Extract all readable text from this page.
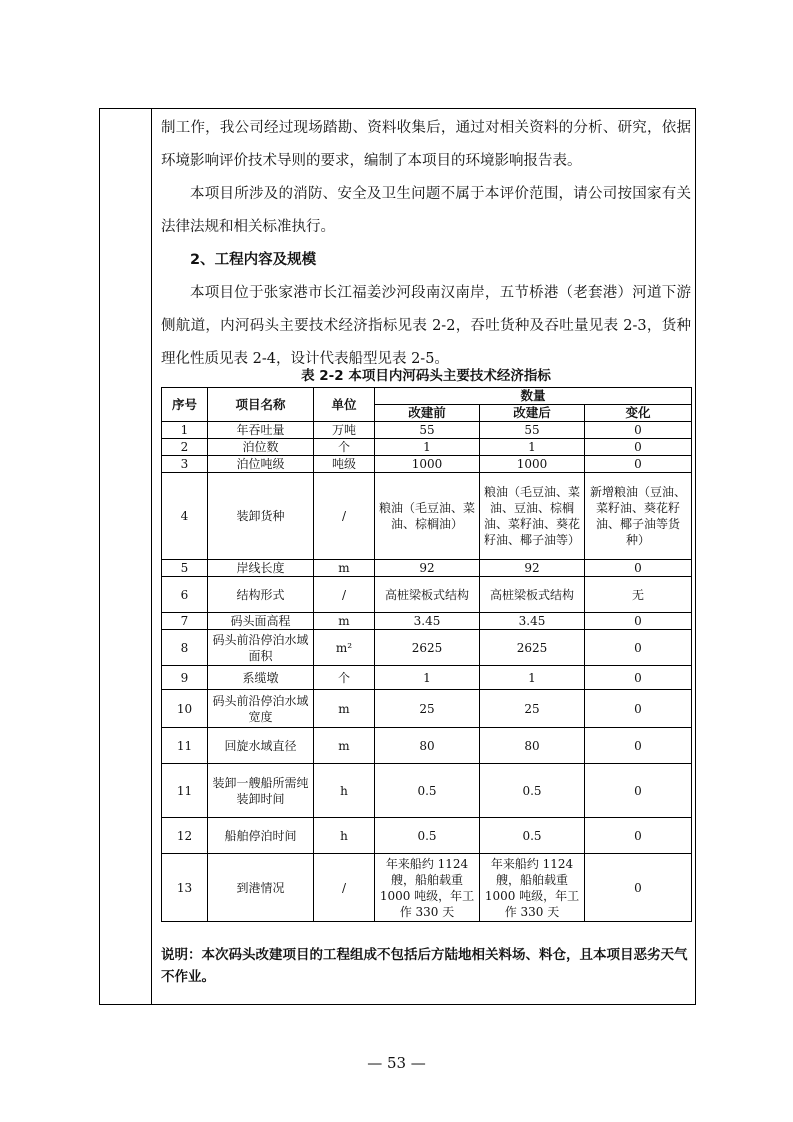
制工作，我公司经过现场踏勘、资料收集后，通过对相关资料的分析、研究，依据环境影响评价技术导则的要求，编制了本项目的环境影响报告表。

本项目所涉及的消防、安全及卫生问题不属于本评价范围，请公司按国家有关法律法规和相关标准执行。

2、工程内容及规模

本项目位于张家港市长江福姜沙河段南汉南岸，五节桥港（老套港）河道下游侧航道，内河码头主要技术经济指标见表 2-2，吞吐货种及吞吐量见表 2-3，货种理化性质见表 2-4，设计代表船型见表 2-5。

表 2-2 本项目内河码头主要技术经济指标
序号	项目名称	单位	数量		
			改建前	改建后	变化
1	年吞吐量	万吨	55	55	0
2	泊位数	个	1	1	0
3	泊位吨级	吨级	1000	1000	0
4	装卸货种	/	粮油（毛豆油、菜油、棕榈油）	粮油（毛豆油、菜油、豆油、棕榈油、菜籽油、葵花籽油、椰子油等）	新增粮油（豆油、菜籽油、葵花籽油、椰子油等货种）
5	岸线长度	m	92	92	0
6	结构形式	/	高桩梁板式结构	高桩梁板式结构	无
7	码头面高程	m	3.45	3.45	0
8	码头前沿停泊水域面积	m²	2625	2625	0
9	系缆墩	个	1	1	0
10	码头前沿停泊水域宽度	m	25	25	0
11	回旋水域直径	m	80	80	0
11	装卸一艘船所需纯装卸时间	h	0.5	0.5	0
12	船舶停泊时间	h	0.5	0.5	0
13	到港情况	/	年来船约 1124 艘，船舶载重 1000 吨级，年工作 330 天	年来船约 1124 艘，船舶载重 1000 吨级，年工作 330 天	0
说明：本次码头改建项目的工程组成不包括后方陆地相关料场、料仓，且本项目恶劣天气不作业。
— 53 —
